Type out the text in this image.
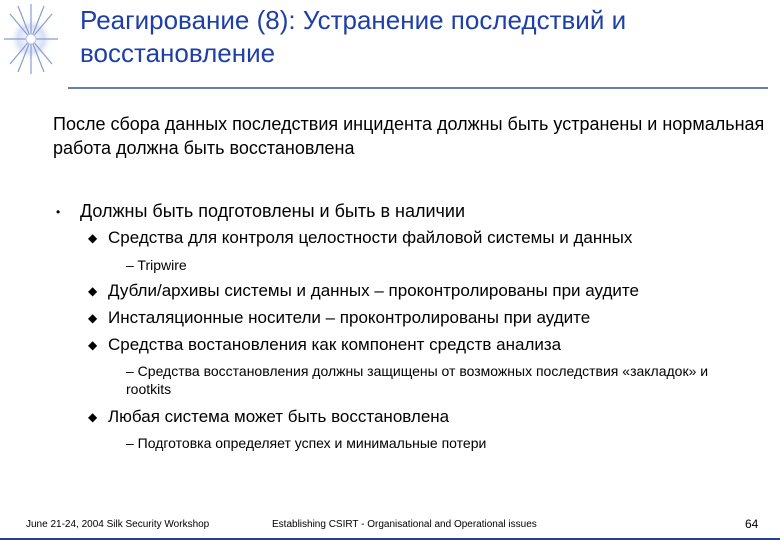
Реагирование (8): Устранение последствий и восстановление
После сбора данных последствия инцидента должны быть устранены и нормальная работа должна быть восстановлена
• Должны быть подготовлены и быть в наличии
◆ Средства для контроля целостности файловой системы и данных
– Tripwire
◆ Дубли/архивы системы и данных – проконтролированы при аудите
◆ Инсталяционные носители – проконтролированы при аудите
◆ Средства востановления как компонент средств анализа
– Средства восстановления должны защищены от возможных последствия «закладок» и rootkits
◆ Любая система может быть восстановлена
– Подготовка определяет успех и минимальные потери
June 21-24, 2004 Silk Security Workshop	Establishing CSIRT - Organisational and Operational issues	64
